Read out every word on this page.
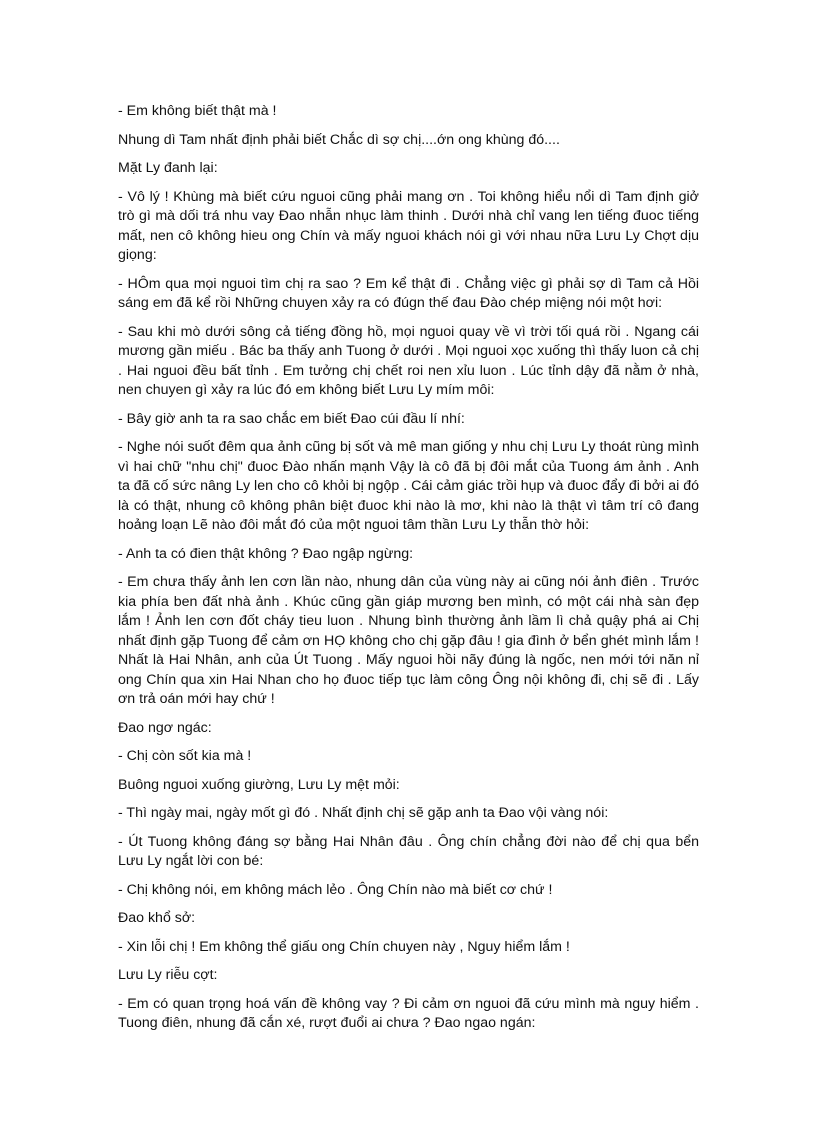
- Em không biết thật mà !

Nhung dì Tam nhất định phải biết Chắc dì sợ chị....ớn ong khùng đó....

Mặt Ly đanh lại:

- Vô lý ! Khùng mà biết cứu nguoi cũng phải mang ơn . Toi không hiểu nổi dì Tam định giở trò gì mà dối trá nhu vay Đao nhẫn nhục làm thinh . Dưới nhà chỉ vang len tiếng đuoc tiếng mất, nen cô không hieu ong Chín và mấy nguoi khách nói gì với nhau nữa Lưu Ly Chợt dịu giọng:

- HÔm qua mọi nguoi tìm chị ra sao ? Em kể thật đi . Chẳng việc gì phải sợ dì Tam cả Hồi sáng em đã kể rồi Những chuyen xảy ra có đúgn thế đau Đào chép miệng nói một hơi:

- Sau khi mò dưới sông cả tiếng đồng hồ, mọi nguoi quay về vì trời tối quá rồi . Ngang cái mương gần miếu . Bác ba thấy anh Tuong ở dưới . Mọi nguoi xọc xuống thì thấy luon cả chị . Hai nguoi đều bất tỉnh . Em tưởng chị chết roi nen xỉu luon . Lúc tỉnh dậy đã nằm ở nhà, nen chuyen gì xảy ra lúc đó em không biết Lưu Ly mím môi:

- Bây giờ anh ta ra sao chắc em biết Đao cúi đầu lí nhí:

- Nghe nói suốt đêm qua ảnh cũng bị sốt và mê man giống y nhu chị Lưu Ly thoát rùng mình vì hai chữ "nhu chị" đuoc Đào nhấn mạnh Vậy là cô đã bị đôi mắt của Tuong ám ảnh . Anh ta đã cố sức nâng Ly len cho cô khỏi bị ngộp . Cái cảm giác trồi hụp và đuoc đẩy đi bởi ai đó là có thật, nhung cô không phân biệt đuoc khi nào là mơ, khi nào là thật vì tâm trí cô đang hoảng loạn Lẽ nào đôi mắt đó của một nguoi tâm thần Lưu Ly thẫn thờ hỏi:

- Anh ta có đien thật không ? Đao ngập ngừng:

- Em chưa thấy ảnh len cơn lần nào, nhung dân của vùng này ai cũng nói ảnh điên . Trước kia phía ben đất nhà ảnh . Khúc cũng gần giáp mương ben mình, có một cái nhà sàn đẹp lắm ! Ảnh len cơn đốt cháy tieu luon . Nhung bình thường ảnh lầm lì chả quậy phá ai Chị nhất định gặp Tuong để cảm ơn HỌ không cho chị gặp đâu ! gia đình ở bển ghét mình lắm ! Nhất là Hai Nhân, anh của Út Tuong . Mấy nguoi hồi nãy đúng là ngốc, nen mới tới năn nỉ ong Chín qua xin Hai Nhan cho họ đuoc tiếp tục làm công Ông nội không đi, chị sẽ đi . Lấy ơn trả oán mới hay chứ !

Đao ngơ ngác:

- Chị còn sốt kia mà !

Buông nguoi xuống giường, Lưu Ly mệt mỏi:

- Thì ngày mai, ngày mốt gì đó . Nhất định chị sẽ gặp anh ta Đao vội vàng nói:

- Út Tuong không đáng sợ bằng Hai Nhân đâu . Ông chín chẳng đời nào để chị qua bển Lưu Ly ngắt lời con bé:

- Chị không nói, em không mách lẻo . Ông Chín nào mà biết cơ chứ !

Đao khổ sở:

- Xin lỗi chị ! Em không thể giấu ong Chín chuyen này , Nguy hiểm lắm !

Lưu Ly riễu cợt:

- Em có quan trọng hoá vấn đề không vay ? Đi cảm ơn nguoi đã cứu mình mà nguy hiểm . Tuong điên, nhung đã cắn xé, rượt đuổi ai chưa ? Đao ngao ngán:
